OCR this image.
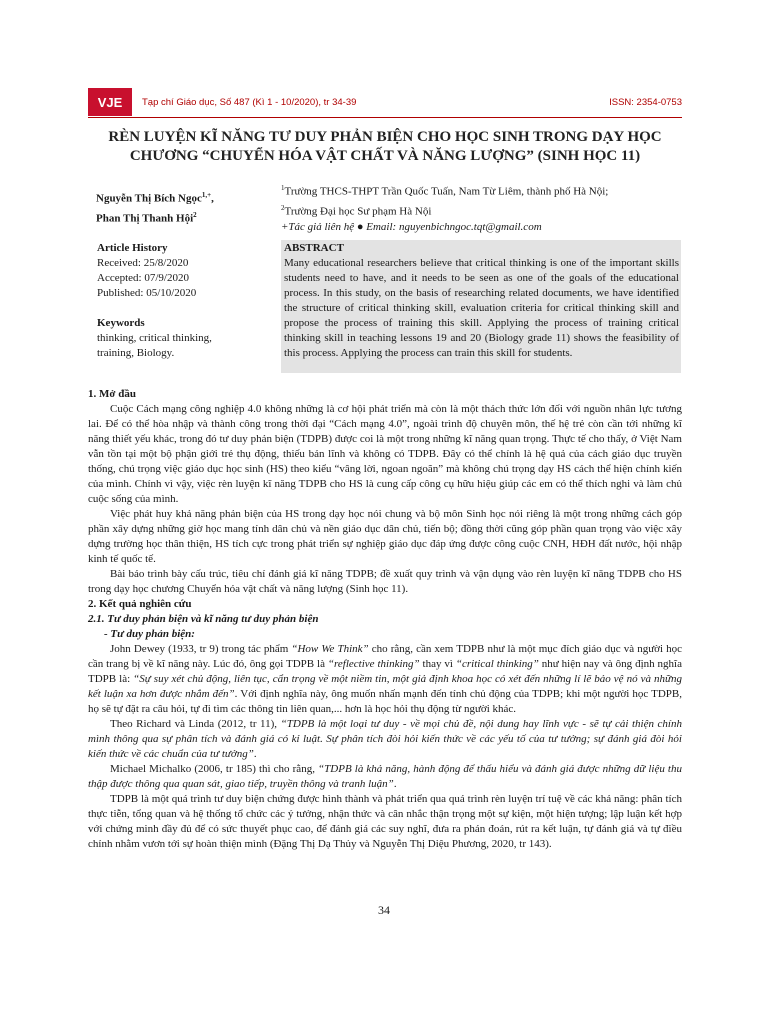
VJE	Tạp chí Giáo dục, Số 487 (Kì 1 - 10/2020), tr 34-39	ISSN: 2354-0753
RÈN LUYỆN KĨ NĂNG TƯ DUY PHẢN BIỆN CHO HỌC SINH TRONG DẠY HỌC
CHƯƠNG “CHUYỂN HÓA VẬT CHẤT VÀ NĂNG LƯỢNG” (SINH HỌC 11)
Nguyễn Thị Bích Ngọc$^{1,+}$,
Phan Thị Thanh Hội$^2$
$^1$Trường THCS-THPT Trần Quốc Tuấn, Nam Từ Liêm, thành phố Hà Nội;
$^2$Trường Đại học Sư phạm Hà Nội
+Tác giả liên hệ ● Email: nguyenbichngoc.tqt@gmail.com
Article History
Received: 25/8/2020
Accepted: 07/9/2020
Published: 05/10/2020
Keywords
thinking, critical thinking,
training, Biology.
ABSTRACT
Many educational researchers believe that critical thinking is one of the important skills students need to have, and it needs to be seen as one of the goals of the educational process. In this study, on the basis of researching related documents, we have identified the structure of critical thinking skill, evaluation criteria for critical thinking skill and propose the process of training this skill. Applying the process of training critical thinking skill in teaching lessons 19 and 20 (Biology grade 11) shows the feasibility of this process. Applying the process can train this skill for students.

1. Mở đầu

Cuộc Cách mạng công nghiệp 4.0 không những là cơ hội phát triển mà còn là một thách thức lớn đối với nguồn nhân lực tương lai. Để có thể hòa nhập và thành công trong thời đại “Cách mạng 4.0”, ngoài trình độ chuyên môn, thế hệ trẻ còn cần tới những kĩ năng thiết yếu khác, trong đó tư duy phản biện (TDPB) được coi là một trong những kĩ năng quan trọng. Thực tế cho thấy, ở Việt Nam vẫn tồn tại một bộ phận giới trẻ thụ động, thiếu bản lĩnh và không có TDPB. Đây có thể chính là hệ quả của cách giáo dục truyền thống, chú trọng việc giáo dục học sinh (HS) theo kiểu “vâng lời, ngoan ngoãn” mà không chú trọng dạy HS cách thể hiện chính kiến của mình. Chính vì vậy, việc rèn luyện kĩ năng TDPB cho HS là cung cấp công cụ hữu hiệu giúp các em có thể thích nghi và làm chủ cuộc sống của mình.

Việc phát huy khả năng phản biện của HS trong dạy học nói chung và bộ môn Sinh học nói riêng là một trong những cách góp phần xây dựng những giờ học mang tính dân chủ và nền giáo dục dân chủ, tiến bộ; đồng thời cũng góp phần quan trọng vào việc xây dựng trường học thân thiện, HS tích cực trong phát triển sự nghiệp giáo dục đáp ứng được công cuộc CNH, HĐH đất nước, hội nhập kinh tế quốc tế.

Bài báo trình bày cấu trúc, tiêu chí đánh giá kĩ năng TDPB; đề xuất quy trình và vận dụng vào rèn luyện kĩ năng TDPB cho HS trong dạy học chương Chuyển hóa vật chất và năng lượng (Sinh học 11).

2. Kết quả nghiên cứu

2.1. Tư duy phản biện và kĩ năng tư duy phản biện

- Tư duy phản biện:

John Dewey (1933, tr 9) trong tác phẩm “How We Think” cho rằng, cần xem TDPB như là một mục đích giáo dục và người học cần trang bị về kĩ năng này. Lúc đó, ông gọi TDPB là “reflective thinking” thay vì “critical thinking” như hiện nay và ông định nghĩa TDPB là: “Sự suy xét chủ động, liên tục, cẩn trọng về một niềm tin, một giả định khoa học có xét đến những lí lẽ bảo vệ nó và những kết luận xa hơn được nhắm đến”. Với định nghĩa này, ông muốn nhấn mạnh đến tính chủ động của TDPB; khi một người học TDPB, họ sẽ tự đặt ra câu hỏi, tự đi tìm các thông tin liên quan,... hơn là học hỏi thụ động từ người khác.

Theo Richard và Linda (2012, tr 11), “TDPB là một loại tư duy - về mọi chủ đề, nội dung hay lĩnh vực - sẽ tự cải thiện chính mình thông qua sự phân tích và đánh giá có kỉ luật. Sự phân tích đòi hỏi kiến thức về các yếu tố của tư tưởng; sự đánh giá đòi hỏi kiến thức về các chuẩn của tư tưởng”.

Michael Michalko (2006, tr 185) thì cho rằng, “TDPB là khả năng, hành động để thấu hiểu và đánh giá được những dữ liệu thu thập được thông qua quan sát, giao tiếp, truyền thông và tranh luận”.

TDPB là một quá trình tư duy biện chứng được hình thành và phát triển qua quá trình rèn luyện trí tuệ về các khả năng: phân tích thực tiễn, tổng quan và hệ thống tổ chức các ý tưởng, nhận thức và cân nhắc thận trọng một sự kiện, một hiện tượng; lập luận kết hợp với chứng minh đầy đủ để có sức thuyết phục cao, để đánh giá các suy nghĩ, đưa ra phán đoán, rút ra kết luận, tự đánh giá và tự điều chỉnh nhằm vươn tới sự hoàn thiện mình (Đặng Thị Dạ Thủy và Nguyễn Thị Diệu Phương, 2020, tr 143).

34
